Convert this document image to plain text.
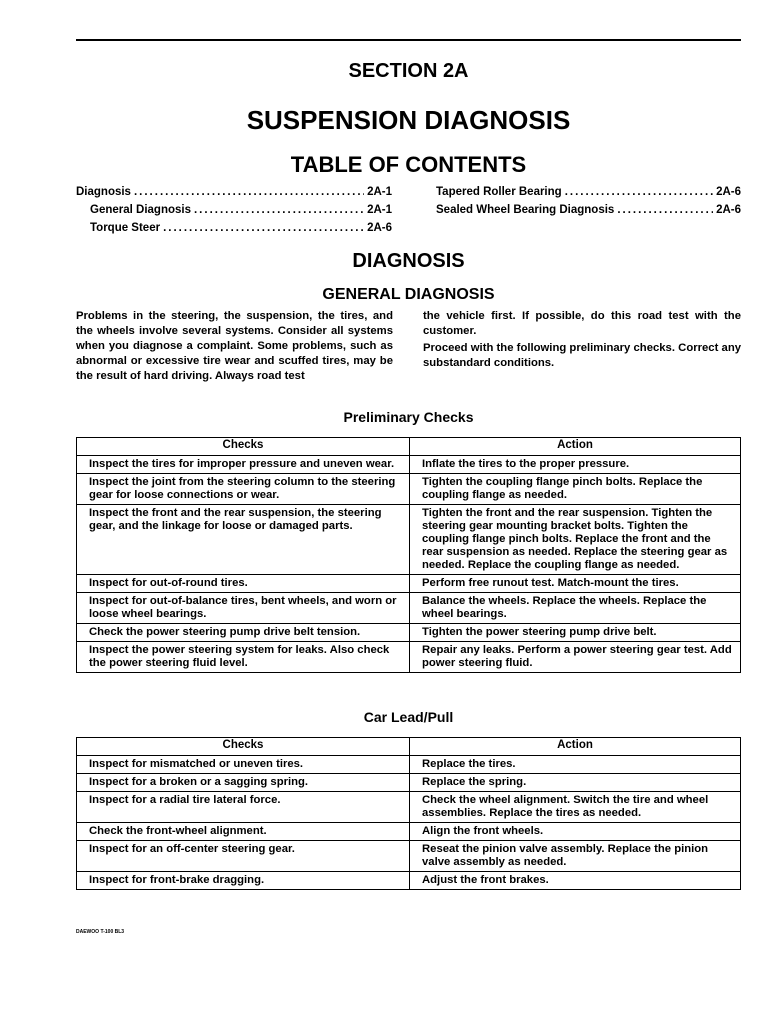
SECTION 2A
SUSPENSION DIAGNOSIS
TABLE OF CONTENTS
Diagnosis .....	2A-1
General Diagnosis .....	2A-1
Torque Steer .....	2A-6
Tapered Roller Bearing .....	2A-6
Sealed Wheel Bearing Diagnosis .....	2A-6
DIAGNOSIS
GENERAL DIAGNOSIS
Problems in the steering, the suspension, the tires, and the wheels involve several systems. Consider all systems when you diagnose a complaint. Some problems, such as abnormal or excessive tire wear and scuffed tires, may be the result of hard driving. Always road test
the vehicle first. If possible, do this road test with the customer.
Proceed with the following preliminary checks. Correct any substandard conditions.
Preliminary Checks
Checks	Action
Inspect the tires for improper pressure and uneven wear.	Inflate the tires to the proper pressure.
Inspect the joint from the steering column to the steering gear for loose connections or wear.	Tighten the coupling flange pinch bolts. Replace the coupling flange as needed.
Inspect the front and the rear suspension, the steering gear, and the linkage for loose or damaged parts.	Tighten the front and the rear suspension. Tighten the steering gear mounting bracket bolts. Tighten the coupling flange pinch bolts. Replace the front and the rear suspension as needed. Replace the steering gear as needed. Replace the coupling flange as needed.
Inspect for out-of-round tires.	Perform free runout test. Match-mount the tires.
Inspect for out-of-balance tires, bent wheels, and worn or loose wheel bearings.	Balance the wheels. Replace the wheels. Replace the wheel bearings.
Check the power steering pump drive belt tension.	Tighten the power steering pump drive belt.
Inspect the power steering system for leaks. Also check the power steering fluid level.	Repair any leaks. Perform a power steering gear test. Add power steering fluid.
Car Lead/Pull
Checks	Action
Inspect for mismatched or uneven tires.	Replace the tires.
Inspect for a broken or a sagging spring.	Replace the spring.
Inspect for a radial tire lateral force.	Check the wheel alignment. Switch the tire and wheel assemblies. Replace the tires as needed.
Check the front-wheel alignment.	Align the front wheels.
Inspect for an off-center steering gear.	Reseat the pinion valve assembly. Replace the pinion valve assembly as needed.
Inspect for front-brake dragging.	Adjust the front brakes.
DAEWOO T-100 BL3
